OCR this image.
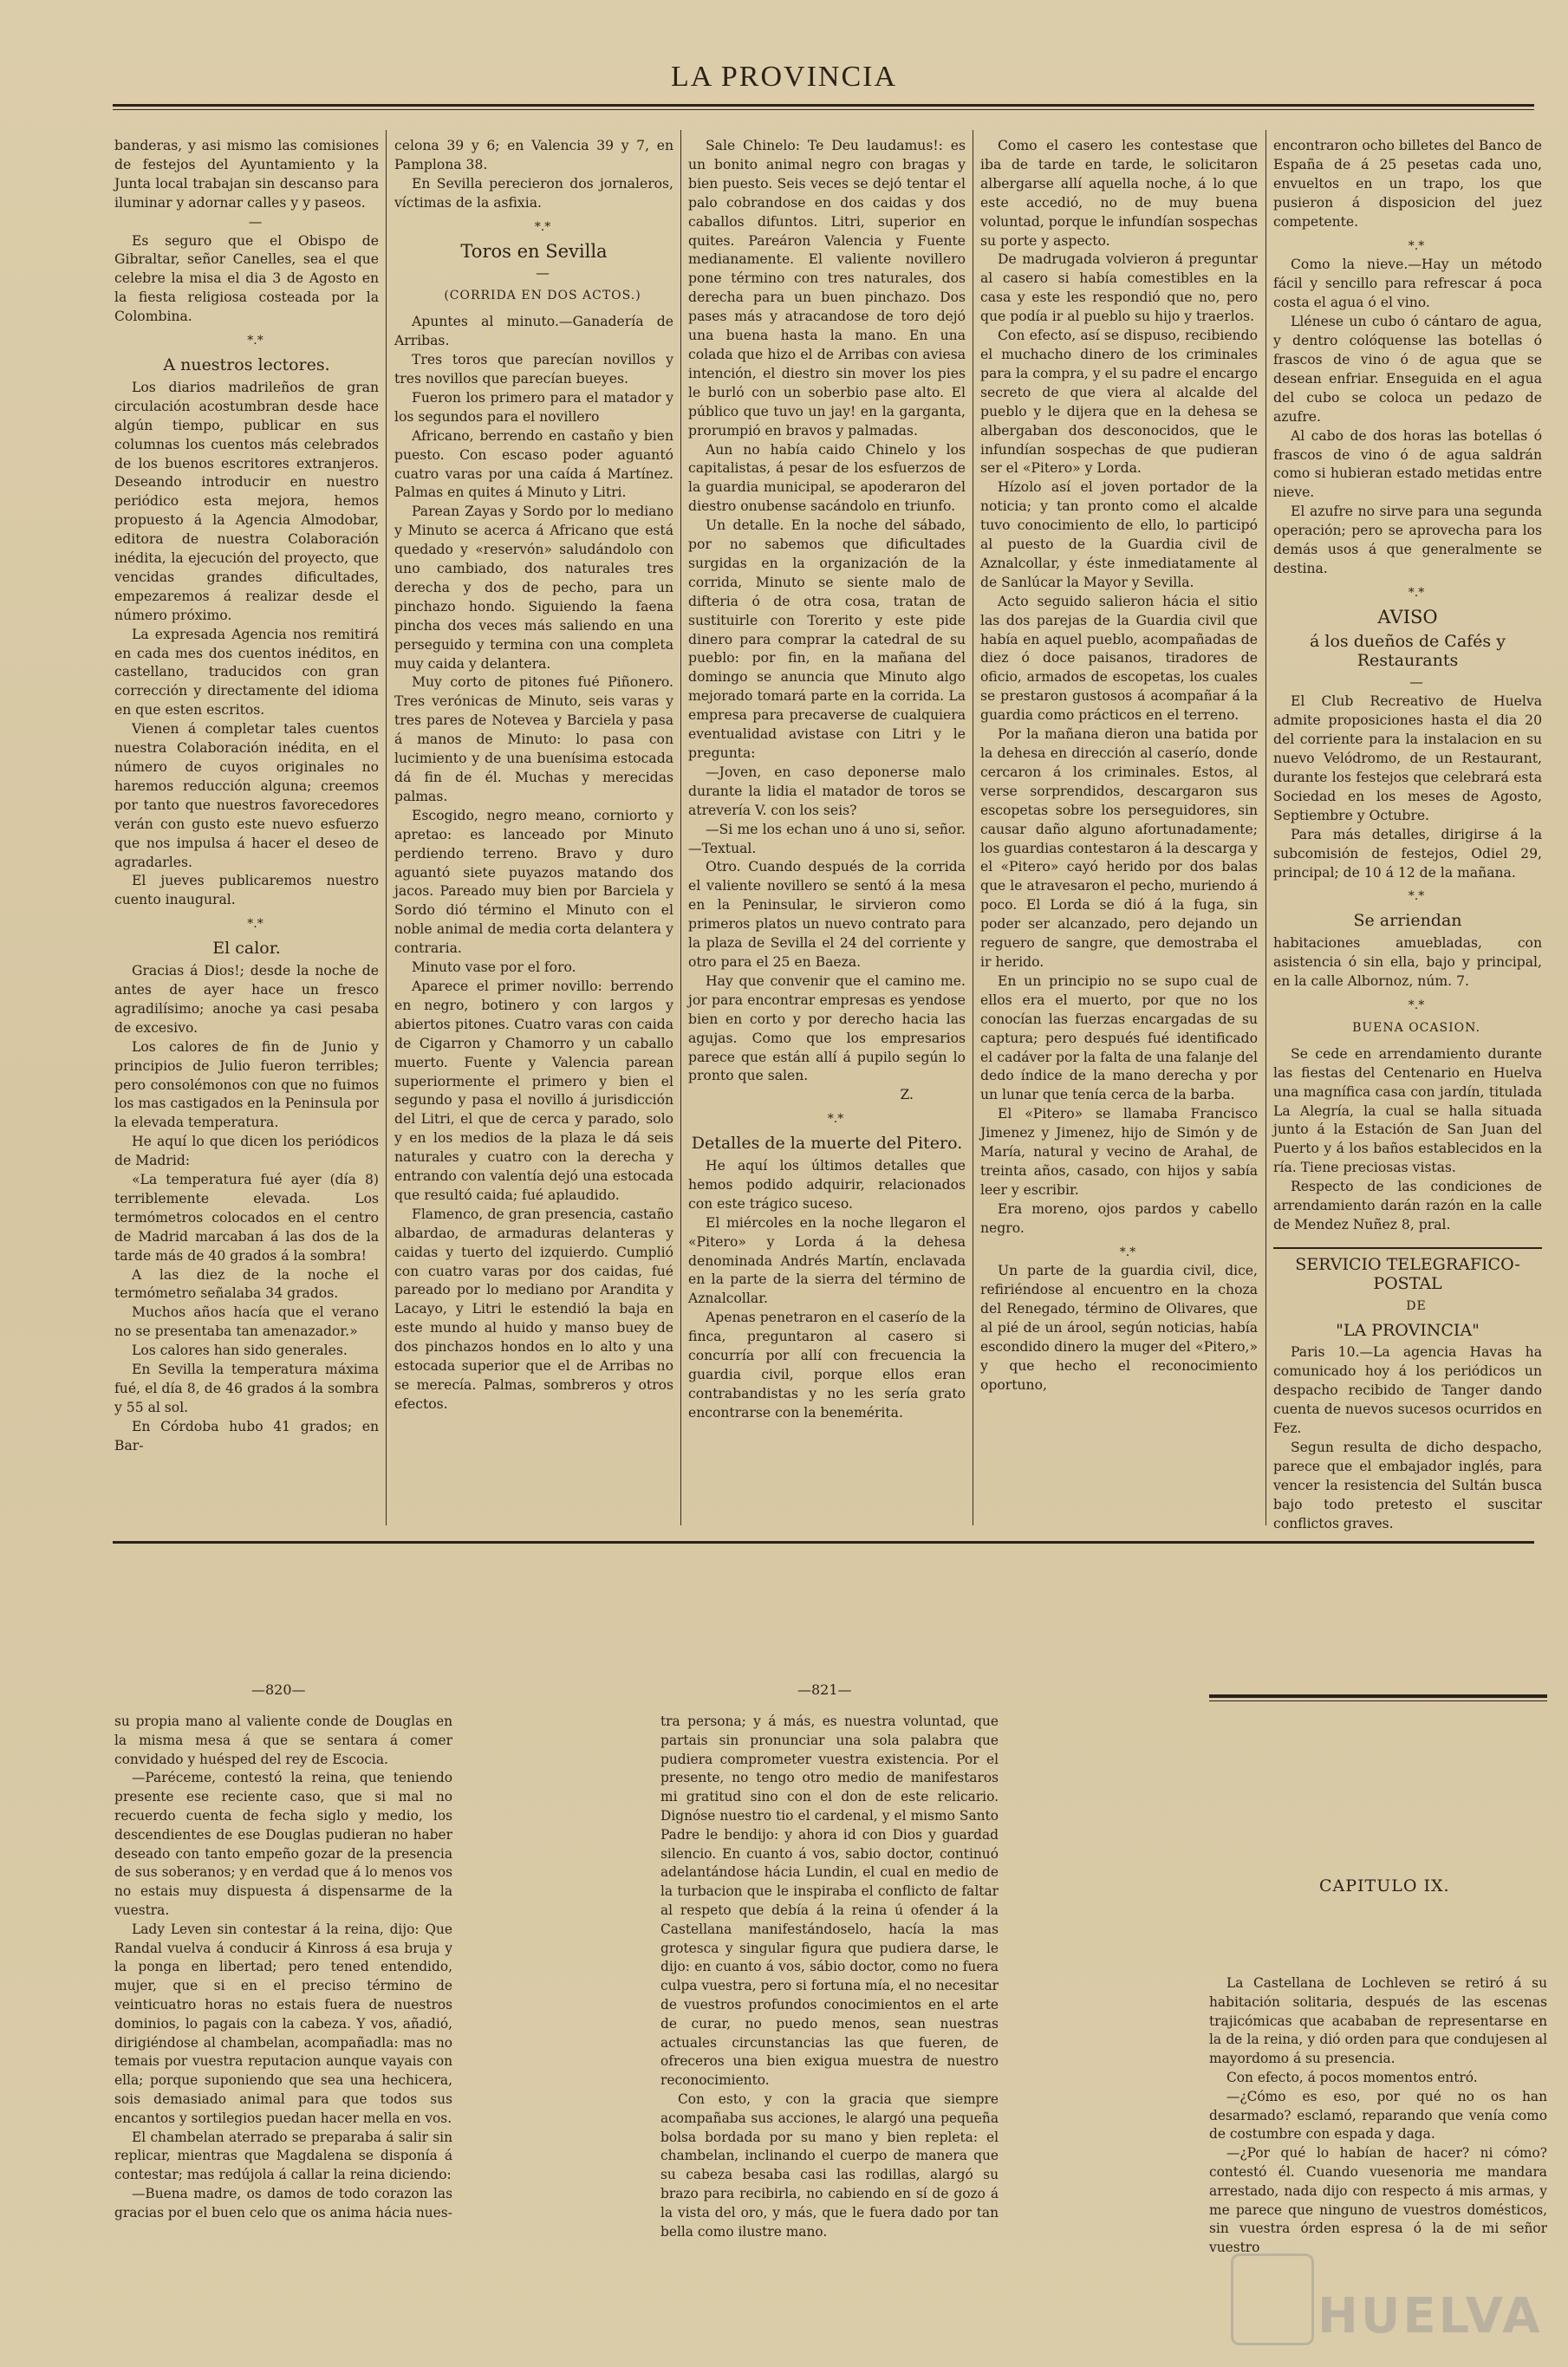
LA PROVINCIA

banderas, y asi mismo las comisiones de festejos del Ayuntamiento y la Junta local trabajan sin descanso para iluminar y adornar calles y y paseos.

—

Es seguro que el Obispo de Gibraltar, señor Canelles, sea el que celebre la misa el dia 3 de Agosto en la fiesta religiosa costeada por la Colombina.

*.*

A nuestros lectores.

Los diarios madrileños de gran circulación acostumbran desde hace algún tiempo, publicar en sus columnas los cuentos más celebrados de los buenos escritores extranjeros. Deseando introducir en nuestro periódico esta mejora, hemos propuesto á la Agencia Almodobar, editora de nuestra Colaboración inédita, la ejecución del proyecto, que vencidas grandes dificultades, empezaremos á realizar desde el número próximo.

La expresada Agencia nos remitirá en cada mes dos cuentos inéditos, en castellano, traducidos con gran corrección y directamente del idioma en que esten escritos.

Vienen á completar tales cuentos nuestra Colaboración inédita, en el número de cuyos originales no haremos reducción alguna; creemos por tanto que nuestros favorecedores verán con gusto este nuevo esfuerzo que nos impulsa á hacer el deseo de agradarles.

El jueves publicaremos nuestro cuento inaugural.

*.*

El calor.

Gracias á Dios!; desde la noche de antes de ayer hace un fresco agradilísimo; anoche ya casi pesaba de excesivo.

Los calores de fin de Junio y principios de Julio fueron terribles; pero consolémonos con que no fuimos los mas castigados en la Peninsula por la elevada temperatura.

He aquí lo que dicen los periódicos de Madrid:

«La temperatura fué ayer (día 8) terriblemente elevada. Los termómetros colocados en el centro de Madrid marcaban á las dos de la tarde más de 40 grados á la sombra!

A las diez de la noche el termómetro señalaba 34 grados.

Muchos años hacía que el verano no se presentaba tan amenazador.»

Los calores han sido generales.

En Sevilla la temperatura máxima fué, el día 8, de 46 grados á la sombra y 55 al sol.

En Córdoba hubo 41 grados; en Bar-

celona 39 y 6; en Valencia 39 y 7, en Pamplona 38.

En Sevilla perecieron dos jornaleros, víctimas de la asfixia.

*.*

Toros en Sevilla

—

(CORRIDA EN DOS ACTOS.)

Apuntes al minuto.—Ganadería de Arribas.

Tres toros que parecían novillos y tres novillos que parecían bueyes.

Fueron los primero para el matador y los segundos para el novillero

Africano, berrendo en castaño y bien puesto. Con escaso poder aguantó cuatro varas por una caída á Martínez. Palmas en quites á Minuto y Litri.

Parean Zayas y Sordo por lo mediano y Minuto se acerca á Africano que está quedado y «reservón» saludándolo con uno cambiado, dos naturales tres derecha y dos de pecho, para un pinchazo hondo. Siguiendo la faena pincha dos veces más saliendo en una perseguido y termina con una completa muy caida y delantera.

Muy corto de pitones fué Piñonero. Tres verónicas de Minuto, seis varas y tres pares de Notevea y Barciela y pasa á manos de Minuto: lo pasa con lucimiento y de una buenísima estocada dá fin de él. Muchas y merecidas palmas.

Escogido, negro meano, corniorto y apretao: es lanceado por Minuto perdiendo terreno. Bravo y duro aguantó siete puyazos matando dos jacos. Pareado muy bien por Barciela y Sordo dió término el Minuto con el noble animal de media corta delantera y contraria.

Minuto vase por el foro.

Aparece el primer novillo: berrendo en negro, botinero y con largos y abiertos pitones. Cuatro varas con caida de Cigarron y Chamorro y un caballo muerto. Fuente y Valencia parean superiormente el primero y bien el segundo y pasa el novillo á jurisdicción del Litri, el que de cerca y parado, solo y en los medios de la plaza le dá seis naturales y cuatro con la derecha y entrando con valentía dejó una estocada que resultó caida; fué aplaudido.

Flamenco, de gran presencia, castaño albardao, de armaduras delanteras y caidas y tuerto del izquierdo. Cumplió con cuatro varas por dos caidas, fué pareado por lo mediano por Arandita y Lacayo, y Litri le estendió la baja en este mundo al huido y manso buey de dos pinchazos hondos en lo alto y una estocada superior que el de Arribas no se merecía. Palmas, sombreros y otros efectos.

Sale Chinelo: Te Deu laudamus!: es un bonito animal negro con bragas y bien puesto. Seis veces se dejó tentar el palo cobrandose en dos caidas y dos caballos difuntos. Litri, superior en quites. Pareáron Valencia y Fuente medianamente. El valiente novillero pone término con tres naturales, dos derecha para un buen pinchazo. Dos pases más y atracandose de toro dejó una buena hasta la mano. En una colada que hizo el de Arribas con aviesa intención, el diestro sin mover los pies le burló con un soberbio pase alto. El público que tuvo un jay! en la garganta, prorumpió en bravos y palmadas.

Aun no había caido Chinelo y los capitalistas, á pesar de los esfuerzos de la guardia municipal, se apoderaron del diestro onubense sacándolo en triunfo.

Un detalle. En la noche del sábado, por no sabemos que dificultades surgidas en la organización de la corrida, Minuto se siente malo de difteria ó de otra cosa, tratan de sustituirle con Torerito y este pide dinero para comprar la catedral de su pueblo: por fin, en la mañana del domingo se anuncia que Minuto algo mejorado tomará parte en la corrida. La empresa para precaverse de cualquiera eventualidad avistase con Litri y le pregunta:

—Joven, en caso deponerse malo durante la lidia el matador de toros se atrevería V. con los seis?

—Si me los echan uno á uno si, señor.—Textual.

Otro. Cuando después de la corrida el valiente novillero se sentó á la mesa en la Peninsular, le sirvieron como primeros platos un nuevo contrato para la plaza de Sevilla el 24 del corriente y otro para el 25 en Baeza.

Hay que convenir que el camino me. jor para encontrar empresas es yendose bien en corto y por derecho hacia las agujas. Como que los empresarios parece que están allí á pupilo según lo pronto que salen.

Z.

*.*

Detalles de la muerte del Pitero.

He aquí los últimos detalles que hemos podido adquirir, relacionados con este trágico suceso.

El miércoles en la noche llegaron el «Pitero» y Lorda á la dehesa denominada Andrés Martín, enclavada en la parte de la sierra del término de Aznalcollar.

Apenas penetraron en el caserío de la finca, preguntaron al casero si concurría por allí con frecuencia la guardia civil, porque ellos eran contrabandistas y no les sería grato encontrarse con la benemérita.

Como el casero les contestase que iba de tarde en tarde, le solicitaron albergarse allí aquella noche, á lo que este accedió, no de muy buena voluntad, porque le infundían sospechas su porte y aspecto.

De madrugada volvieron á preguntar al casero si había comestibles en la casa y este les respondió que no, pero que podía ir al pueblo su hijo y traerlos.

Con efecto, así se dispuso, recibiendo el muchacho dinero de los criminales para la compra, y el su padre el encargo secreto de que viera al alcalde del pueblo y le dijera que en la dehesa se albergaban dos desconocidos, que le infundían sospechas de que pudieran ser el «Pitero» y Lorda.

Hízolo así el joven portador de la noticia; y tan pronto como el alcalde tuvo conocimiento de ello, lo participó al puesto de la Guardia civil de Aznalcollar, y éste inmediatamente al de Sanlúcar la Mayor y Sevilla.

Acto seguido salieron hácia el sitio las dos parejas de la Guardia civil que había en aquel pueblo, acompañadas de diez ó doce paisanos, tiradores de oficio, armados de escopetas, los cuales se prestaron gustosos á acompañar á la guardia como prácticos en el terreno.

Por la mañana dieron una batida por la dehesa en dirección al caserío, donde cercaron á los criminales. Estos, al verse sorprendidos, descargaron sus escopetas sobre los perseguidores, sin causar daño alguno afortunadamente; los guardias contestaron á la descarga y el «Pitero» cayó herido por dos balas que le atravesaron el pecho, muriendo á poco. El Lorda se dió á la fuga, sin poder ser alcanzado, pero dejando un reguero de sangre, que demostraba el ir herido.

En un principio no se supo cual de ellos era el muerto, por que no los conocían las fuerzas encargadas de su captura; pero después fué identificado el cadáver por la falta de una falanje del dedo índice de la mano derecha y por un lunar que tenía cerca de la barba.

El «Pitero» se llamaba Francisco Jimenez y Jimenez, hijo de Simón y de María, natural y vecino de Arahal, de treinta años, casado, con hijos y sabía leer y escribir.

Era moreno, ojos pardos y cabello negro.

*.*

Un parte de la guardia civil, dice, refiriéndose al encuentro en la choza del Renegado, término de Olivares, que al pié de un árool, según noticias, había escondido dinero la muger del «Pitero,» y que hecho el reconocimiento oportuno,

encontraron ocho billetes del Banco de España de á 25 pesetas cada uno, envueltos en un trapo, los que pusieron á disposicion del juez competente.

*.*

Como la nieve.—Hay un método fácil y sencillo para refrescar á poca costa el agua ó el vino.

Llénese un cubo ó cántaro de agua, y dentro colóquense las botellas ó frascos de vino ó de agua que se desean enfriar. Enseguida en el agua del cubo se coloca un pedazo de azufre.

Al cabo de dos horas las botellas ó frascos de vino ó de agua saldrán como si hubieran estado metidas entre nieve.

El azufre no sirve para una segunda operación; pero se aprovecha para los demás usos á que generalmente se destina.

*.*

AVISO
á los dueños de Cafés y Restaurants

—

El Club Recreativo de Huelva admite proposiciones hasta el dia 20 del corriente para la instalacion en su nuevo Velódromo, de un Restaurant, durante los festejos que celebrará esta Sociedad en los meses de Agosto, Septiembre y Octubre.

Para más detalles, dirigirse á la subcomisión de festejos, Odiel 29, principal; de 10 á 12 de la mañana.

*.*

Se arriendan

habitaciones amuebladas, con asistencia ó sin ella, bajo y principal, en la calle Albornoz, núm. 7.

*.*

BUENA OCASION.

Se cede en arrendamiento durante las fiestas del Centenario en Huelva una magnífica casa con jardín, titulada La Alegría, la cual se halla situada junto á la Estación de San Juan del Puerto y á los baños establecidos en la ría. Tiene preciosas vistas.

Respecto de las condiciones de arrendamiento darán razón en la calle de Mendez Nuñez 8, pral.

SERVICIO TELEGRAFICO-POSTAL

DE

"LA PROVINCIA"

Paris 10.—La agencia Havas ha comunicado hoy á los periódicos un despacho recibido de Tanger dando cuenta de nuevos sucesos ocurridos en Fez.

Segun resulta de dicho despacho, parece que el embajador inglés, para vencer la resistencia del Sultán busca bajo todo pretesto el suscitar conflictos graves.

—820—	—821—

su propia mano al valiente conde de Douglas en la misma mesa á que se sentara á comer convidado y huésped del rey de Escocia.

—Paréceme, contestó la reina, que teniendo presente ese reciente caso, que si mal no recuerdo cuenta de fecha siglo y medio, los descendientes de ese Douglas pudieran no haber deseado con tanto empeño gozar de la presencia de sus soberanos; y en verdad que á lo menos vos no estais muy dispuesta á dispensarme de la vuestra.

Lady Leven sin contestar á la reina, dijo: Que Randal vuelva á conducir á Kinross á esa bruja y la ponga en libertad; pero tened entendido, mujer, que si en el preciso término de veinticuatro horas no estais fuera de nuestros dominios, lo pagais con la cabeza. Y vos, añadió, dirigiéndose al chambelan, acompañadla: mas no temais por vuestra reputacion aunque vayais con ella; porque suponiendo que sea una hechicera, sois demasiado animal para que todos sus encantos y sortilegios puedan hacer mella en vos.

El chambelan aterrado se preparaba á salir sin replicar, mientras que Magdalena se disponía á contestar; mas redújola á callar la reina diciendo:

—Buena madre, os damos de todo corazon las gracias por el buen celo que os anima hácia nues-

tra persona; y á más, es nuestra voluntad, que partais sin pronunciar una sola palabra que pudiera comprometer vuestra existencia. Por el presente, no tengo otro medio de manifestaros mi gratitud sino con el don de este relicario. Dignóse nuestro tio el cardenal, y el mismo Santo Padre le bendijo: y ahora id con Dios y guardad silencio. En cuanto á vos, sabio doctor, continuó adelantándose hácia Lundin, el cual en medio de la turbacion que le inspiraba el conflicto de faltar al respeto que debía á la reina ú ofender á la Castellana manifestándoselo, hacía la mas grotesca y singular figura que pudiera darse, le dijo: en cuanto á vos, sábio doctor, como no fuera culpa vuestra, pero si fortuna mía, el no necesitar de vuestros profundos conocimientos en el arte de curar, no puedo menos, sean nuestras actuales circunstancias las que fueren, de ofreceros una bien exigua muestra de nuestro reconocimiento.

Con esto, y con la gracia que siempre acompañaba sus acciones, le alargó una pequeña bolsa bordada por su mano y bien repleta: el chambelan, inclinando el cuerpo de manera que su cabeza besaba casi las rodillas, alargó su brazo para recibirla, no cabiendo en sí de gozo á la vista del oro, y más, que le fuera dado por tan bella como ilustre mano.

CAPITULO IX.

La Castellana de Lochleven se retiró á su habitación solitaria, después de las escenas trajicómicas que acababan de representarse en la de la reina, y dió orden para que condujesen al mayordomo á su presencia.

Con efecto, á pocos momentos entró.

—¿Cómo es eso, por qué no os han desarmado? esclamó, reparando que venía como de costumbre con espada y daga.

—¿Por qué lo habían de hacer? ni cómo? contestó él. Cuando vuesenoria me mandara arrestado, nada dijo con respecto á mis armas, y me parece que ninguno de vuestros domésticos, sin vuestra órden espresa ó la de mi señor vuestro

HUELVA
